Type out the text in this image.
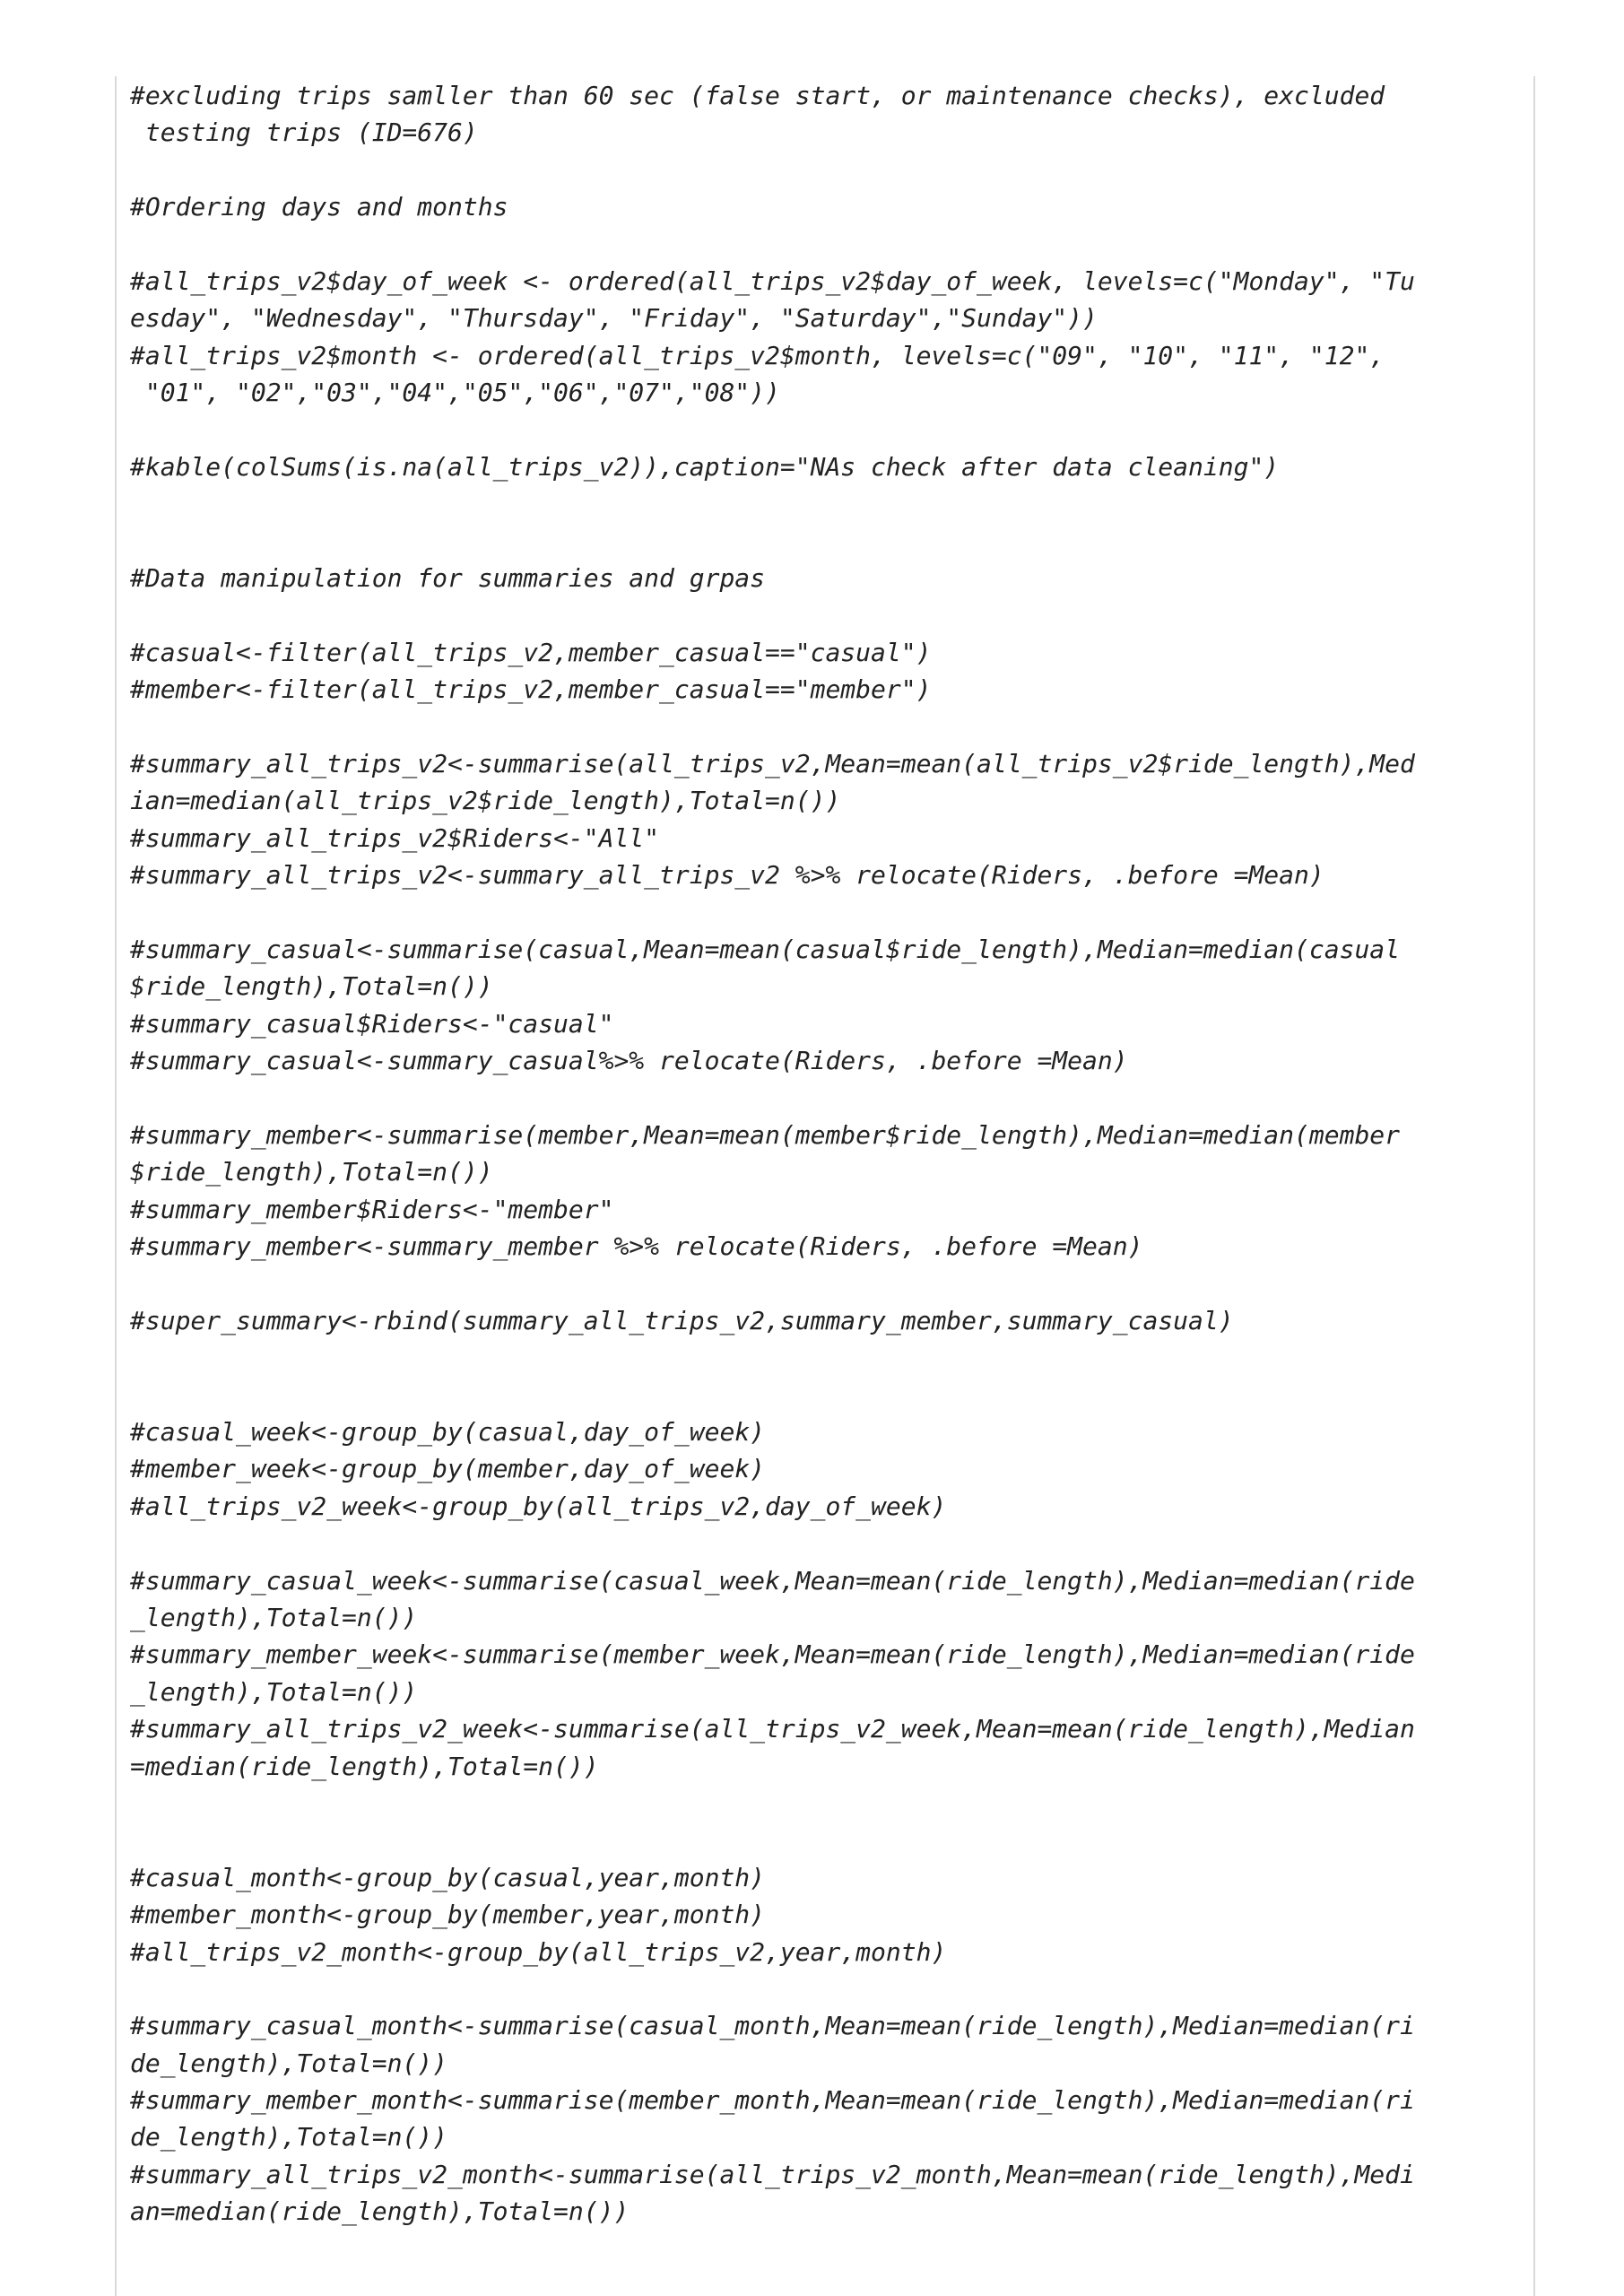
#excluding trips samller than 60 sec (false start, or maintenance checks), excluded
testing trips (ID=676)
#Ordering days and months
#all_trips_v2$day_of_week <- ordered(all_trips_v2$day_of_week, levels=c("Monday", "Tu
esday", "Wednesday", "Thursday", "Friday", "Saturday","Sunday"))
#all_trips_v2$month <- ordered(all_trips_v2$month, levels=c("09", "10", "11", "12",
"01", "02","03","04","05","06","07","08"))
#kable(colSums(is.na(all_trips_v2)),caption="NAs check after data cleaning")
#Data manipulation for summaries and grpas
#casual<-filter(all_trips_v2,member_casual=="casual")
#member<-filter(all_trips_v2,member_casual=="member")
#summary_all_trips_v2<-summarise(all_trips_v2,Mean=mean(all_trips_v2$ride_length),Med
ian=median(all_trips_v2$ride_length),Total=n())
#summary_all_trips_v2$Riders<-"All"
#summary_all_trips_v2<-summary_all_trips_v2 %>% relocate(Riders, .before =Mean)
#summary_casual<-summarise(casual,Mean=mean(casual$ride_length),Median=median(casual
$ride_length),Total=n())
#summary_casual$Riders<-"casual"
#summary_casual<-summary_casual%>% relocate(Riders, .before =Mean)
#summary_member<-summarise(member,Mean=mean(member$ride_length),Median=median(member
$ride_length),Total=n())
#summary_member$Riders<-"member"
#summary_member<-summary_member %>% relocate(Riders, .before =Mean)
#super_summary<-rbind(summary_all_trips_v2,summary_member,summary_casual)
#casual_week<-group_by(casual,day_of_week)
#member_week<-group_by(member,day_of_week)
#all_trips_v2_week<-group_by(all_trips_v2,day_of_week)
#summary_casual_week<-summarise(casual_week,Mean=mean(ride_length),Median=median(ride
_length),Total=n())
#summary_member_week<-summarise(member_week,Mean=mean(ride_length),Median=median(ride
_length),Total=n())
#summary_all_trips_v2_week<-summarise(all_trips_v2_week,Mean=mean(ride_length),Median
=median(ride_length),Total=n())
#casual_month<-group_by(casual,year,month)
#member_month<-group_by(member,year,month)
#all_trips_v2_month<-group_by(all_trips_v2,year,month)
#summary_casual_month<-summarise(casual_month,Mean=mean(ride_length),Median=median(ri
de_length),Total=n())
#summary_member_month<-summarise(member_month,Mean=mean(ride_length),Median=median(ri
de_length),Total=n())
#summary_all_trips_v2_month<-summarise(all_trips_v2_month,Mean=mean(ride_length),Medi
an=median(ride_length),Total=n())
